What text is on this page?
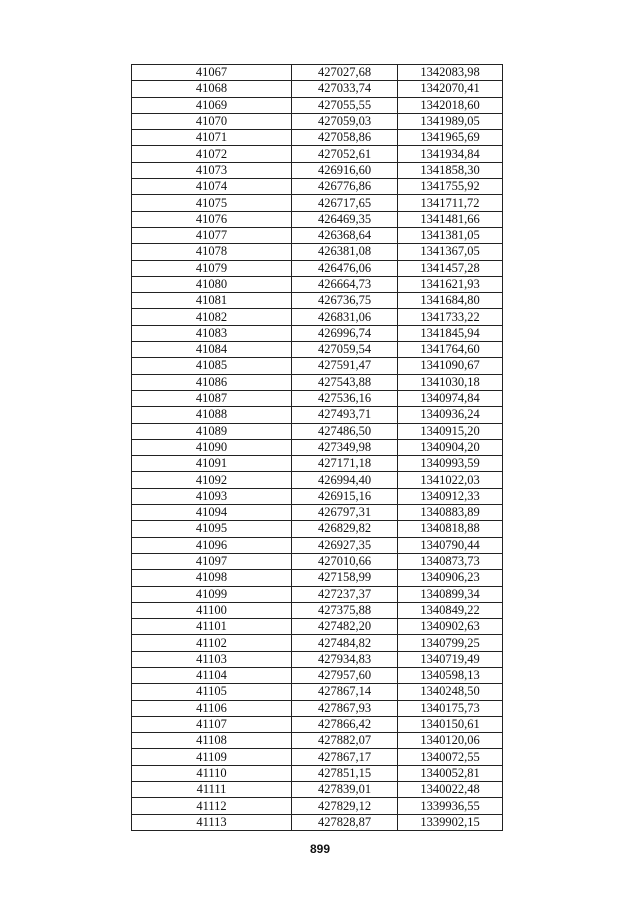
41067	427027,68	1342083,98
41068	427033,74	1342070,41
41069	427055,55	1342018,60
41070	427059,03	1341989,05
41071	427058,86	1341965,69
41072	427052,61	1341934,84
41073	426916,60	1341858,30
41074	426776,86	1341755,92
41075	426717,65	1341711,72
41076	426469,35	1341481,66
41077	426368,64	1341381,05
41078	426381,08	1341367,05
41079	426476,06	1341457,28
41080	426664,73	1341621,93
41081	426736,75	1341684,80
41082	426831,06	1341733,22
41083	426996,74	1341845,94
41084	427059,54	1341764,60
41085	427591,47	1341090,67
41086	427543,88	1341030,18
41087	427536,16	1340974,84
41088	427493,71	1340936,24
41089	427486,50	1340915,20
41090	427349,98	1340904,20
41091	427171,18	1340993,59
41092	426994,40	1341022,03
41093	426915,16	1340912,33
41094	426797,31	1340883,89
41095	426829,82	1340818,88
41096	426927,35	1340790,44
41097	427010,66	1340873,73
41098	427158,99	1340906,23
41099	427237,37	1340899,34
41100	427375,88	1340849,22
41101	427482,20	1340902,63
41102	427484,82	1340799,25
41103	427934,83	1340719,49
41104	427957,60	1340598,13
41105	427867,14	1340248,50
41106	427867,93	1340175,73
41107	427866,42	1340150,61
41108	427882,07	1340120,06
41109	427867,17	1340072,55
41110	427851,15	1340052,81
41111	427839,01	1340022,48
41112	427829,12	1339936,55
41113	427828,87	1339902,15
899
